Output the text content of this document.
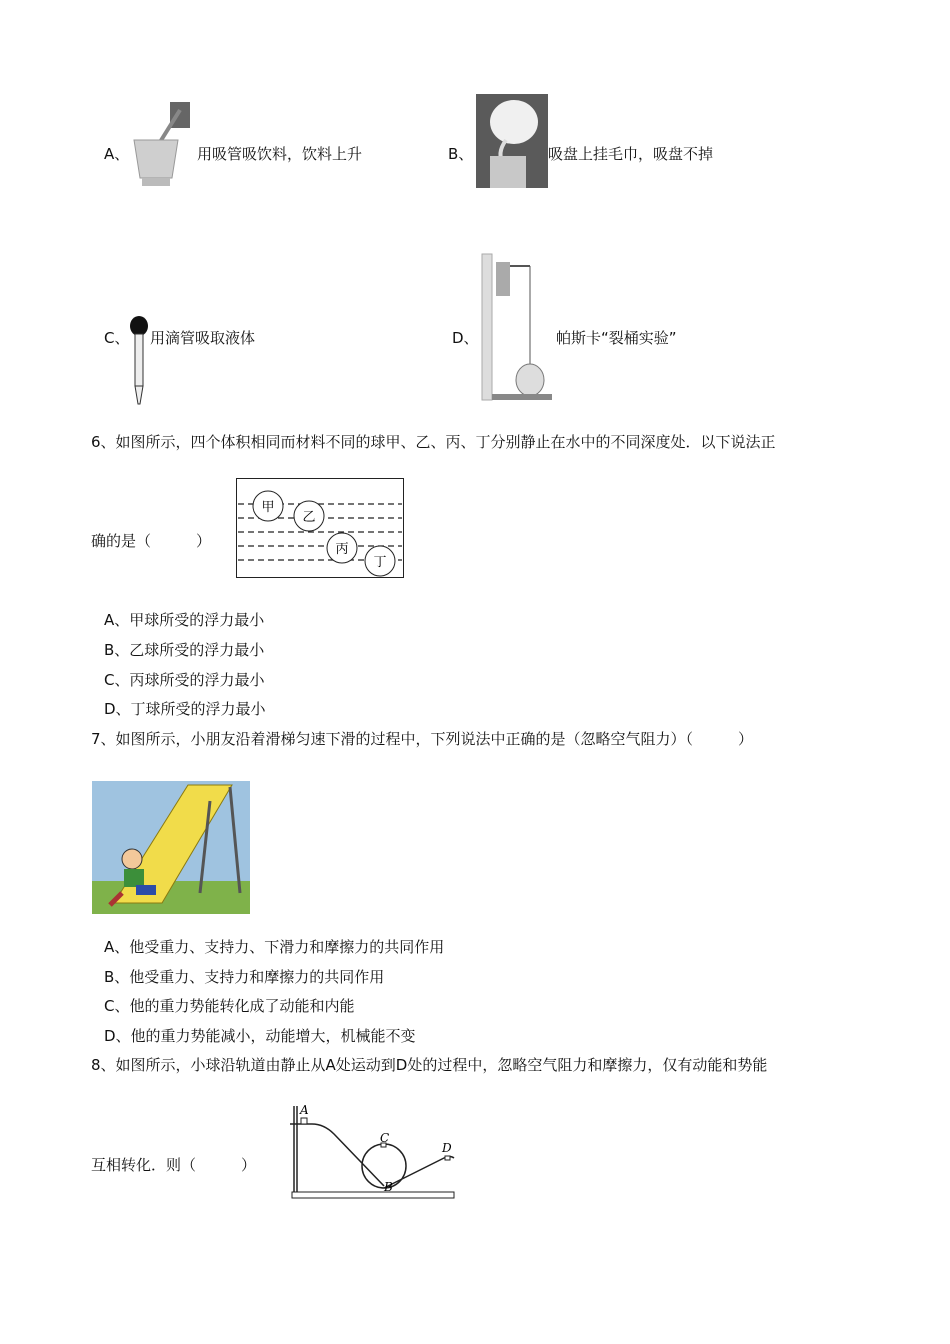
A、	用吸管吸饮料，饮料上升	B、	吸盘上挂毛巾，吸盘不掉
C、 用滴管吸取液体	D、	帕斯卡“裂桶实验”
6、如图所示，四个体积相同而材料不同的球甲、乙、丙、丁分别静止在水中的不同深度处．以下说法正
确的是（　　　）
甲
乙
丙
丁
A、甲球所受的浮力最小
B、乙球所受的浮力最小
C、丙球所受的浮力最小
D、丁球所受的浮力最小
7、如图所示，小朋友沿着滑梯匀速下滑的过程中，下列说法中正确的是（忽略空气阻力）（　　　）
A、他受重力、支持力、下滑力和摩擦力的共同作用
B、他受重力、支持力和摩擦力的共同作用
C、他的重力势能转化成了动能和内能
D、他的重力势能减小，动能增大，机械能不变
8、如图所示，小球沿轨道由静止从A处运动到D处的过程中，忽略空气阻力和摩擦力，仅有动能和势能
互相转化．则（　　　）
A
B
C
D
